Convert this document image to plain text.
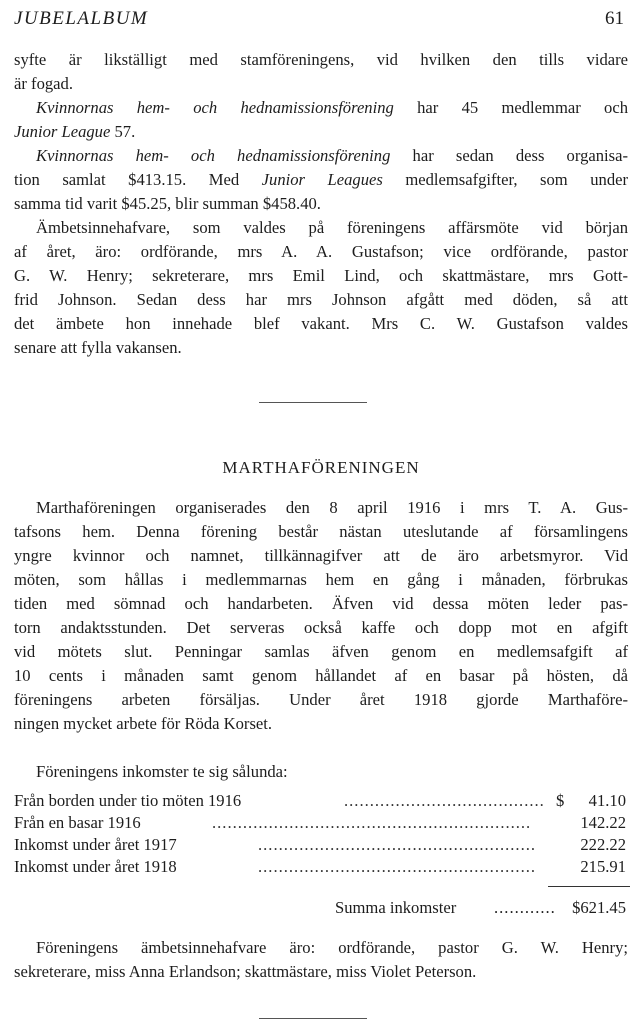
JUBELALBUM	61
syfte är likställigt med stamföreningens, vid hvilken den tills vidare
är fogad.
Kvinnornas hem- och hednamissionsförening har 45 medlemmar och
Junior League 57.
Kvinnornas hem- och hednamissionsförening har sedan dess organisa-
tion samlat $413.15. Med Junior Leagues medlemsafgifter, som under
samma tid varit $45.25, blir summan $458.40.
Ämbetsinnehafvare, som valdes på föreningens affärsmöte vid början
af året, äro: ordförande, mrs A. A. Gustafson; vice ordförande, pastor
G. W. Henry; sekreterare, mrs Emil Lind, och skattmästare, mrs Gott-
frid Johnson. Sedan dess har mrs Johnson afgått med döden, så att
det ämbete hon innehade blef vakant. Mrs C. W. Gustafson valdes
senare att fylla vakansen.
MARTHAFÖRENINGEN
Marthaföreningen organiserades den 8 april 1916 i mrs T. A. Gus-
tafsons hem. Denna förening består nästan uteslutande af församlingens
yngre kvinnor och namnet, tillkännagifver att de äro arbetsmyror. Vid
möten, som hållas i medlemmarnas hem en gång i månaden, förbrukas
tiden med sömnad och handarbeten. Äfven vid dessa möten leder pas-
torn andaktsstunden. Det serveras också kaffe och dopp mot en afgift
vid mötets slut. Penningar samlas äfven genom en medlemsafgift af
10 cents i månaden samt genom hållandet af en basar på hösten, då
föreningens arbeten försäljas. Under året 1918 gjorde Marthaföre-
ningen mycket arbete för Röda Korset.
Föreningens inkomster te sig sålunda:
Från borden under tio möten 1916	....................................... $ 41.10
Från en basar 1916	..............................................................	142.22
Inkomst under året 1917	......................................................	222.22
Inkomst under året 1918	......................................................	215.91
Summa inkomster ............ $621.45
Föreningens ämbetsinnehafvare äro: ordförande, pastor G. W. Henry;
sekreterare, miss Anna Erlandson; skattmästare, miss Violet Peterson.
